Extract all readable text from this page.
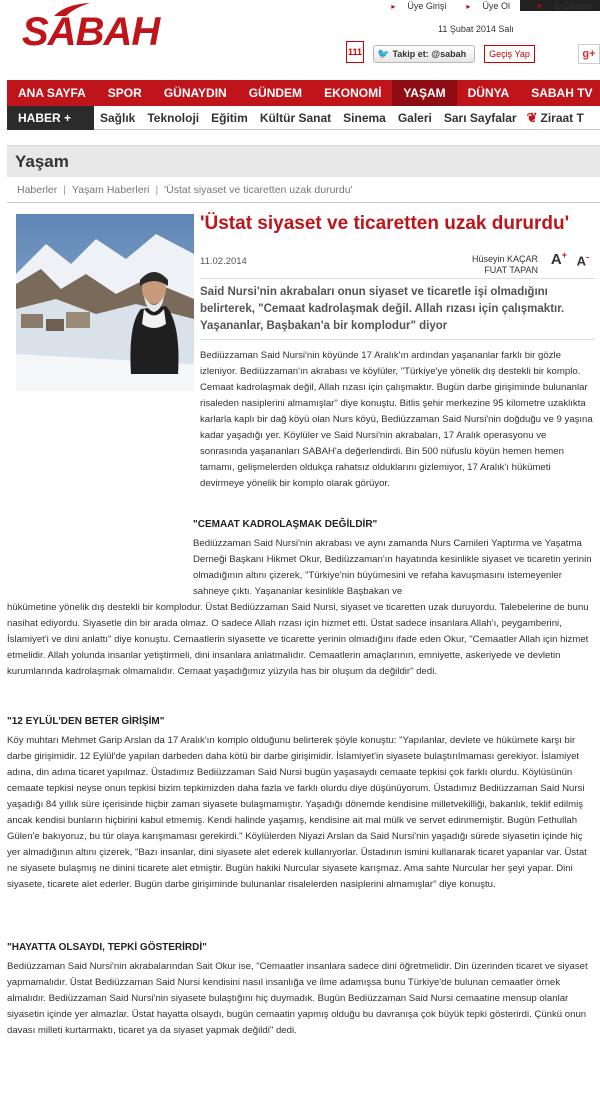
SABAH
▸ Üye Girişi	▸ Üye Ol	▸ E-Gazete
11 Şubat 2014 Salı
111 🐦 Takip et: @sabah	Geçiş Yap	g+
ANA SAYFA	SPOR	GÜNAYDIN	GÜNDEM	EKONOMİ	YAŞAM	DÜNYA	SABAH TV
HABER +	Sağlık	Teknoloji	Eğitim	Kültür Sanat	Sinema	Galeri	Sarı Sayfalar ❦ Ziraat T
Yaşam
Haberler | Yaşam Haberleri | 'Üstat siyaset ve ticaretten uzak dururdu'
'Üstat siyaset ve ticaretten uzak dururdu'
11.02.2014	Hüseyin KAÇAR
FUAT TAPAN
A+ A-
Said Nursi'nin akrabaları onun siyaset ve ticaretle işi olmadığını belirterek, "Cemaat kadrolaşmak değil. Allah rızası için çalışmaktır. Yaşananlar, Başbakan'a bir komplodur" diyor
Bediüzzaman Said Nursi'nin köyünde 17 Aralık'ın ardından yaşananlar farklı bir gözle izleniyor. Bediüzzaman'ın akrabası ve köylüler, "Türkiye'ye yönelik dış destekli bir komplo. Cemaat kadrolaşmak değil, Allah rızası için çalışmaktır. Bugün darbe girişiminde bulunanlar risaleden nasiplerini almamışlar" diye konuştu. Bitlis şehir merkezine 95 kilometre uzaklıkta karlarla kaplı bir dağ köyü olan Nurs köyü, Bediüzzaman Said Nursi'nin doğduğu ve 9 yaşına kadar yaşadığı yer. Köylüler ve Said Nursi'nin akrabaları, 17 Aralık operasyonu ve sonrasında yaşananları SABAH'a değerlendirdi. Bin 500 nüfuslu köyün hemen hemen tamamı, gelişmelerden oldukça rahatsız olduklarını gizlemiyor, 17 Aralık'ı hükümeti devirmeye yönelik bir komplo olarak görüyor.
"CEMAAT KADROLAŞMAK DEĞİLDİR"
Bediüzzaman Said Nursi'nin akrabası ve aynı zamanda Nurs Camileri Yaptırma ve Yaşatma Derneği Başkanı Hikmet Okur, Bediüzzaman'ın hayatında kesinlikle siyaset ve ticaretin yerinin olmadığının altını çizerek, "Türkiye'nin büyümesini ve refaha kavuşmasını istemeyenler sahneye çıktı. Yaşananlar kesinlikle Başbakan ve
hükümetine yönelik dış destekli bir komplodur. Üstat Bediüzzaman Said Nursi, siyaset ve ticaretten uzak duruyordu. Talebelerine de bunu nasihat ediyordu. Siyasetle din bir arada olmaz. O sadece Allah rızası için hizmet etti. Üstat sadece insanlara Allah'ı, peygamberini, İslamiyet'i ve dini anlattı" diye konuştu. Cemaatlerin siyasette ve ticarette yerinin olmadığını ifade eden Okur, "Cemaatler Allah için hizmet etmelidir. Allah yolunda insanlar yetiştirmeli, dini insanlara anlatmalıdır. Cemaatlerin amaçlarının, emniyette, askeriyede ve devletin kurumlarında kadrolaşmak olmamalıdır. Cemaat yaşadığımız yüzyıla has bir oluşum da değildir" dedi.
"12 EYLÜL'DEN BETER GİRİŞİM"
Köy muhtarı Mehmet Garip Arslan da 17 Aralık'ın komplo olduğunu belirterek şöyle konuştu: "Yapılanlar, devlete ve hükümete karşı bir darbe girişimidir. 12 Eylül'de yapılan darbeden daha kötü bir darbe girişimidir. İslamiyet'in siyasete bulaştırılmaması gerekiyor. İslamiyet adına, din adına ticaret yapılmaz. Üstadımız Bediüzzaman Said Nursi bugün yaşasaydı cemaate tepkisi çok farklı olurdu. Köylüsünün cemaate tepkisi neyse onun tepkisi bizim tepkimizden daha fazla ve farklı olurdu diye düşünüyorum. Üstadımız Bediüzzaman Said Nursi yaşadığı 84 yıllık süre içerisinde hiçbir zaman siyasete bulaşmamıştır. Yaşadığı dönemde kendisine milletvekilliği, bakanlık, teklif edilmiş ancak kendisi bunların hiçbirini kabul etmemiş. Kendi halinde yaşamış, kendisine ait mal mülk ve servet edinmemiştir. Bugün Fethullah Gülen'e bakıyoruz, bu tür olaya karışmaması gerekirdi." Köylülerden Niyazi Arslan da Said Nursi'nin yaşadığı sürede siyasetin içinde hiç yer almadığının altını çizerek, "Bazı insanlar, dini siyasete alet ederek kullanıyorlar. Üstadının ismini kullanarak ticaret yapanlar var. Üstat ne siyasete bulaşmış ne dinini ticarete alet etmiştir. Bugün hakiki Nurcular siyasete karışmaz. Ama sahte Nurcular her şeyi yapar. Dini siyasete, ticarete alet ederler. Bugün darbe girişiminde bulunanlar risalelerden nasiplerini almamışlar" diye konuştu.
"HAYATTA OLSAYDI, TEPKİ GÖSTERİRDİ"
Bediüzzaman Said Nursi'nin akrabalarından Sait Okur ise, "Cemaatler insanlara sadece dini öğretmelidir. Din üzerinden ticaret ve siyaset yapmamalıdır. Üstat Bediüzzaman Said Nursi kendisini nasıl insanlığa ve ilme adamışsa bunu Türkiye'de bulunan cemaatler örnek almalıdır. Bediüzzaman Said Nursi'nin siyasete bulaştığını hiç duymadık. Bugün Bediüzzaman Said Nursi cemaatine mensup olanlar siyasetin içinde yer almazlar. Üstat hayatta olsaydı, bugün cemaatin yapmış olduğu bu davranışa çok büyük tepki gösterirdi. Çünkü onun davası milleti kurtarmaktı, ticaret ya da siyaset yapmak değildi" dedi.
